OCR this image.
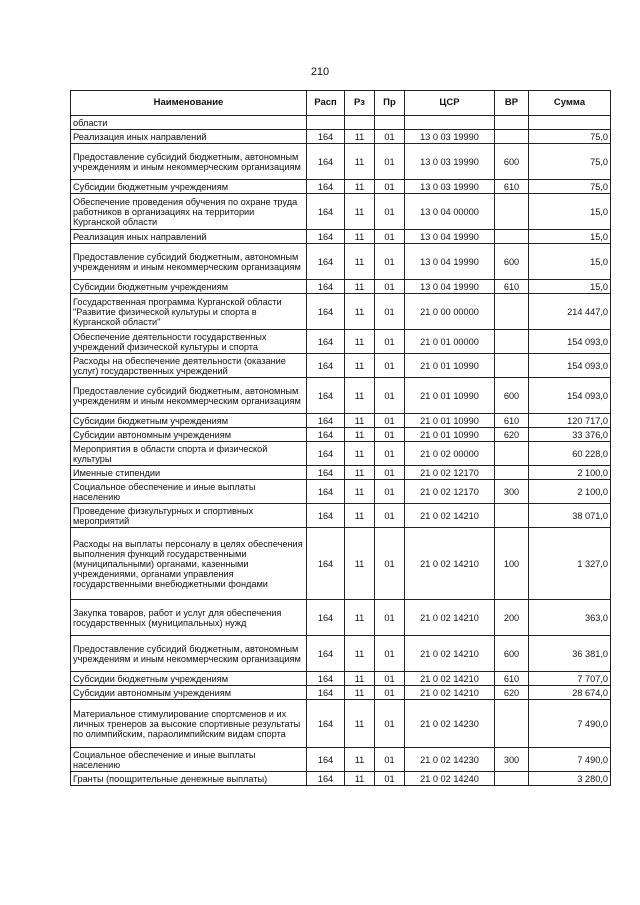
210
Наименование	Расп	Рз	Пр	ЦСР	ВР	Сумма
области						
Реализация иных направлений	164	11	01	13 0 03 19990		75,0
Предоставление субсидий бюджетным, автономным учреждениям и иным некоммерческим организациям	164	11	01	13 0 03 19990	600	75,0
Субсидии бюджетным учреждениям	164	11	01	13 0 03 19990	610	75,0
Обеспечение проведения обучения по охране труда работников в организациях на территории Курганской области	164	11	01	13 0 04 00000		15,0
Реализация иных направлений	164	11	01	13 0 04 19990		15,0
Предоставление субсидий бюджетным, автономным учреждениям и иным некоммерческим организациям	164	11	01	13 0 04 19990	600	15,0
Субсидии бюджетным учреждениям	164	11	01	13 0 04 19990	610	15,0
Государственная программа Курганской области "Развитие физической культуры и спорта в Курганской области"	164	11	01	21 0 00 00000		214 447,0
Обеспечение деятельности государственных учреждений физической культуры и спорта	164	11	01	21 0 01 00000		154 093,0
Расходы на обеспечение деятельности (оказание услуг) государственных учреждений	164	11	01	21 0 01 10990		154 093,0
Предоставление субсидий бюджетным, автономным учреждениям и иным некоммерческим организациям	164	11	01	21 0 01 10990	600	154 093,0
Субсидии бюджетным учреждениям	164	11	01	21 0 01 10990	610	120 717,0
Субсидии автономным учреждениям	164	11	01	21 0 01 10990	620	33 376,0
Мероприятия в области спорта и физической культуры	164	11	01	21 0 02 00000		60 228,0
Именные стипендии	164	11	01	21 0 02 12170		2 100,0
Социальное обеспечение и иные выплаты населению	164	11	01	21 0 02 12170	300	2 100,0
Проведение физкультурных и спортивных мероприятий	164	11	01	21 0 02 14210		38 071,0
Расходы на выплаты персоналу в целях обеспечения выполнения функций государственными (муниципальными) органами, казенными учреждениями, органами управления государственными внебюджетными фондами	164	11	01	21 0 02 14210	100	1 327,0
Закупка товаров, работ и услуг для обеспечения государственных (муниципальных) нужд	164	11	01	21 0 02 14210	200	363,0
Предоставление субсидий бюджетным, автономным учреждениям и иным некоммерческим организациям	164	11	01	21 0 02 14210	600	36 381,0
Субсидии бюджетным учреждениям	164	11	01	21 0 02 14210	610	7 707,0
Субсидии автономным учреждениям	164	11	01	21 0 02 14210	620	28 674,0
Материальное стимулирование спортсменов и их личных тренеров за высокие спортивные результаты по олимпийским, параолимпийским видам спорта	164	11	01	21 0 02 14230		7 490,0
Социальное обеспечение и иные выплаты населению	164	11	01	21 0 02 14230	300	7 490,0
Гранты (поощрительные денежные выплаты)	164	11	01	21 0 02 14240		3 280,0
